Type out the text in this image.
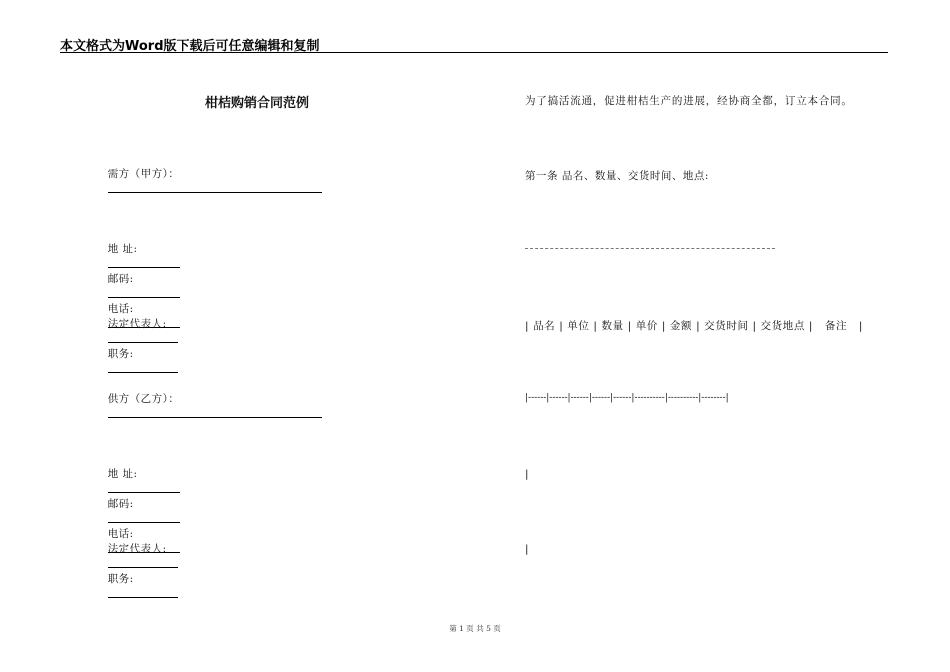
本文格式为Word版下载后可任意编辑和复制
柑桔购销合同范例

需方（甲方）：

地 址:

邮码:

电话:

法定代表人:

职务:

供方（乙方）：

地 址:

邮码:

电话:

法定代表人:

职务:

为了搞活流通，促进柑桔生产的进展，经协商全都，订立本合同。
第一条 品名、数量、交货时间、地点:
| 品名 | 单位 | 数量 | 单价 | 金额 | 交货时间 | 交货地点 |   备注   |
|------|------|------|------|------|----------|----------|--------|
|
|
第 1 页 共 5 页
